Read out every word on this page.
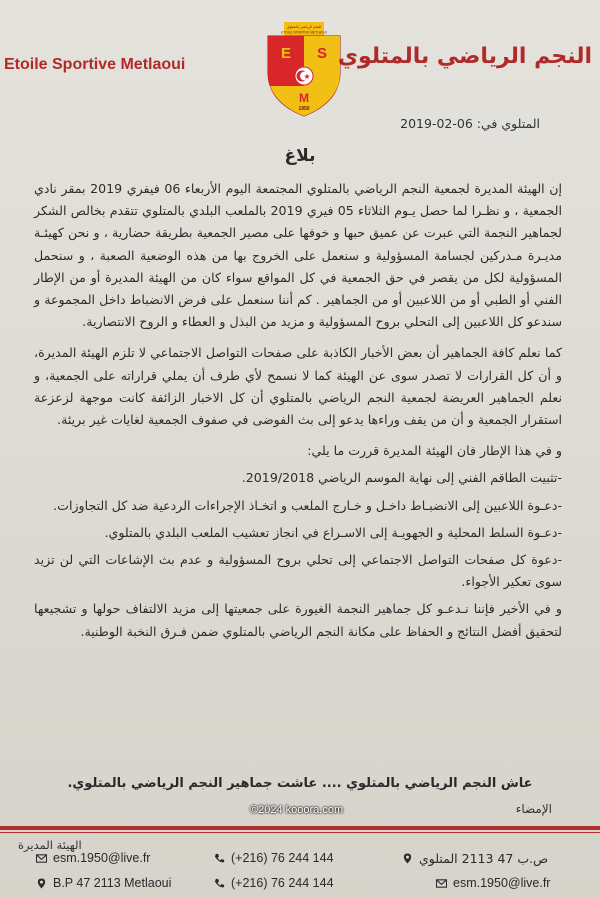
Etoile Sportive Metlaoui
النجم الرياضي بالمتلوي
ETOILE SPORTIVE METLAOUI
E S
M
1950
النجم الرياضي بالمتلوي
المتلوي في: 06-02-2019
بلاغ

إن الهيئة المديرة لجمعية النجم الرياضي بالمتلوي المجتمعة اليوم الأربعاء 06 فيفري 2019 بمقر نادي الجمعية ، و نظـرا لما حصل يـوم الثلاثاء 05 فيري 2019 بالملعب البلدي بالمتلوي تتقدم بخالص الشكر لجماهير النجمة التي عبرت عن عميق حبها و خوفها على مصير الجمعية بطريقة حضارية ، و نحن كهيئـة مديـرة مـدركين لجسامة المسؤولية و سنعمل على الخروج بها من هذه الوضعية الصعبة ، و سنحمل المسؤولية لكل من يقصر في حق الجمعية في كل المواقع سواء كان من الهيئة المديرة أو من الإطار الفني أو الطبي أو من اللاعبين أو من الجماهير . كم أننا سنعمل على فرض الانضباط داخل المجموعة و سندعو كل اللاعبين إلى التحلي بروح المسؤولية و مزيد من البذل و العطاء و الروح الانتصارية.

كما نعلم كافة الجماهير أن بعض الأخبار الكاذبة على صفحات التواصل الاجتماعي لا تلزم الهيئة المديرة، و أن كل القرارات لا تصدر سوى عن الهيئة كما لا نسمح لأي طرف أن يملي قراراته على الجمعية، و نعلم الجماهير العريضة لجمعية النجم الرياضي بالمتلوي أن كل الاخبار الزائفة كانت موجهة لزعزعة استقرار الجمعية و أن من يقف وراءها يدعو إلى بث الفوضى في صفوف الجمعية لغايات غير بريئة.

و في هذا الإطار فان الهيئة المديرة قررت ما يلي:

-تثبيت الطاقم الفني إلى نهاية الموسم الرياضي 2019/2018.

-دعـوة اللاعبين إلى الانضبـاط داخـل و خـارج الملعب و اتخـاذ الإجراءات الردعية ضد كل التجاوزات.

-دعـوة السلط المحلية و الجهويـة إلى الاسـراع في انجاز تعشيب الملعب البلدي بالمتلوي.

-دعوة كل صفحات التواصل الاجتماعي إلى تحلي بروح المسؤولية و عدم بث الإشاعات التي لن تزيد سوى تعكير الأجواء.

و في الأخير فإننا نـدعـو كل جماهير النجمة الغيورة على جمعيتها إلى مزيد الالتفاف حولها و تشجيعها لتحقيق أفضل النتائج و الحفاظ على مكانة النجم الرياضي بالمتلوي ضمن فـرق النخبة الوطنية.

عاش النجم الرياضي بالمتلوي .... عاشت جماهير النجم الرياضي بالمتلوي.
©2024 kooora.com	الإمضاء
الهيئة المديرة
esm.1950@live.fr	(+216) 76 244 144	ص.ب 47 2113 المتلوي
B.P 47 2113 Metlaoui	(+216) 76 244 144	esm.1950@live.fr
